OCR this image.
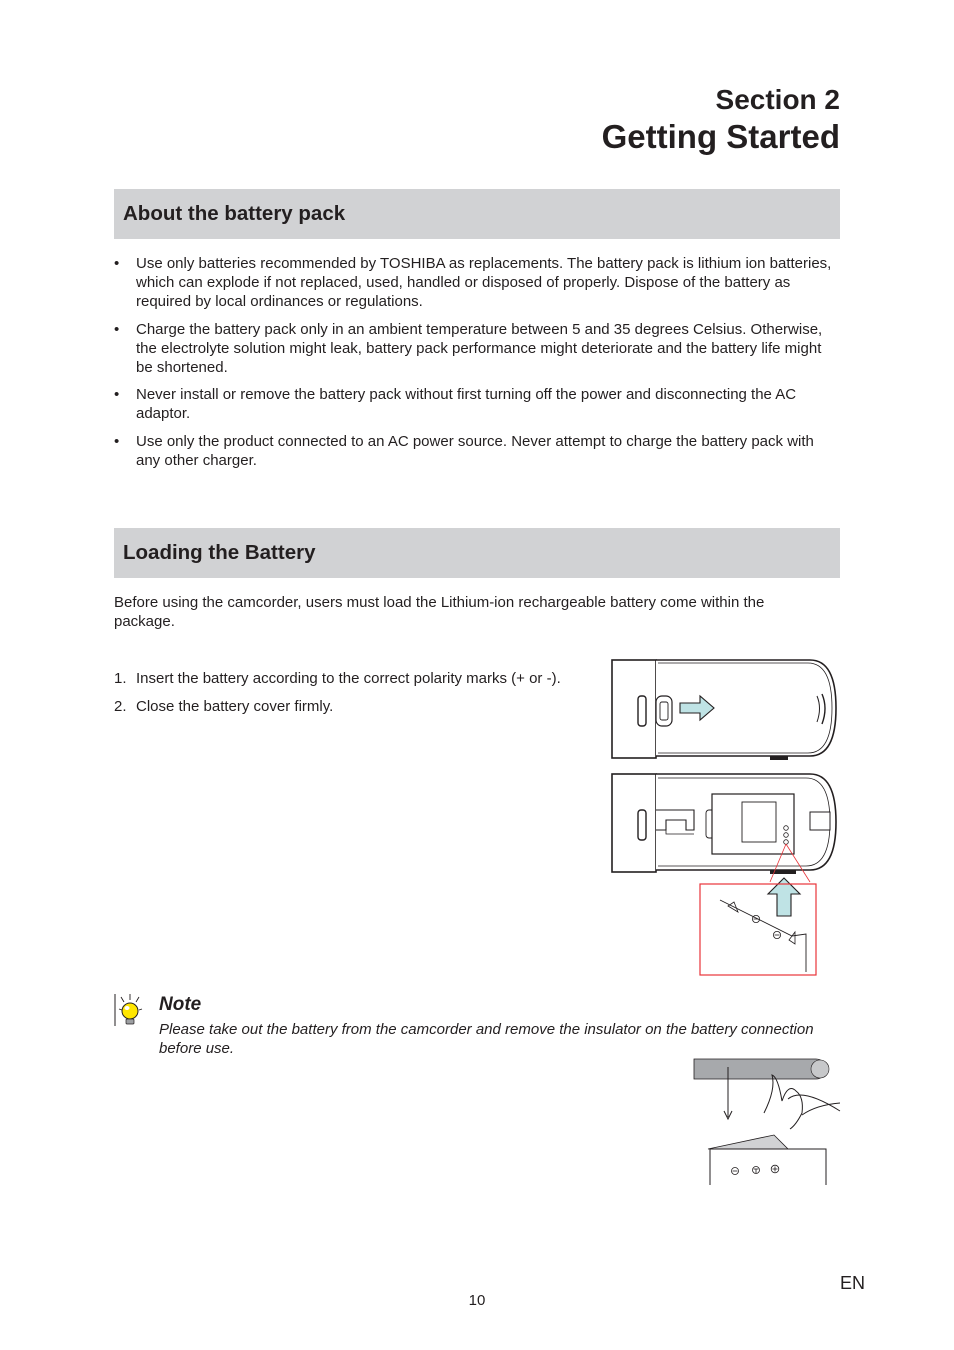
Section 2
Getting Started
About the battery pack
• Use only batteries recommended by TOSHIBA as replacements. The battery pack is lithium ion batteries, which can explode if not replaced, used, handled or disposed of properly. Dispose of the battery as required by local ordinances or regulations.
• Charge the battery pack only in an ambient temperature between 5 and 35 degrees Celsius. Otherwise, the electrolyte solution might leak, battery pack performance might deteriorate and the battery life might be shortened.
• Never install or remove the battery pack without first turning off the power and disconnecting the AC adaptor.
• Use only the product connected to an AC power source. Never attempt to charge the battery pack with any other charger.
Loading the Battery

Before using the camcorder, users must load the Lithium-ion rechargeable battery come within the package.

1. Insert the battery according to the correct polarity marks (+ or -).
2. Close the battery cover firmly.

Note

Please take out the battery from the camcorder and remove the insulator on the battery connection before use.

EN
10
